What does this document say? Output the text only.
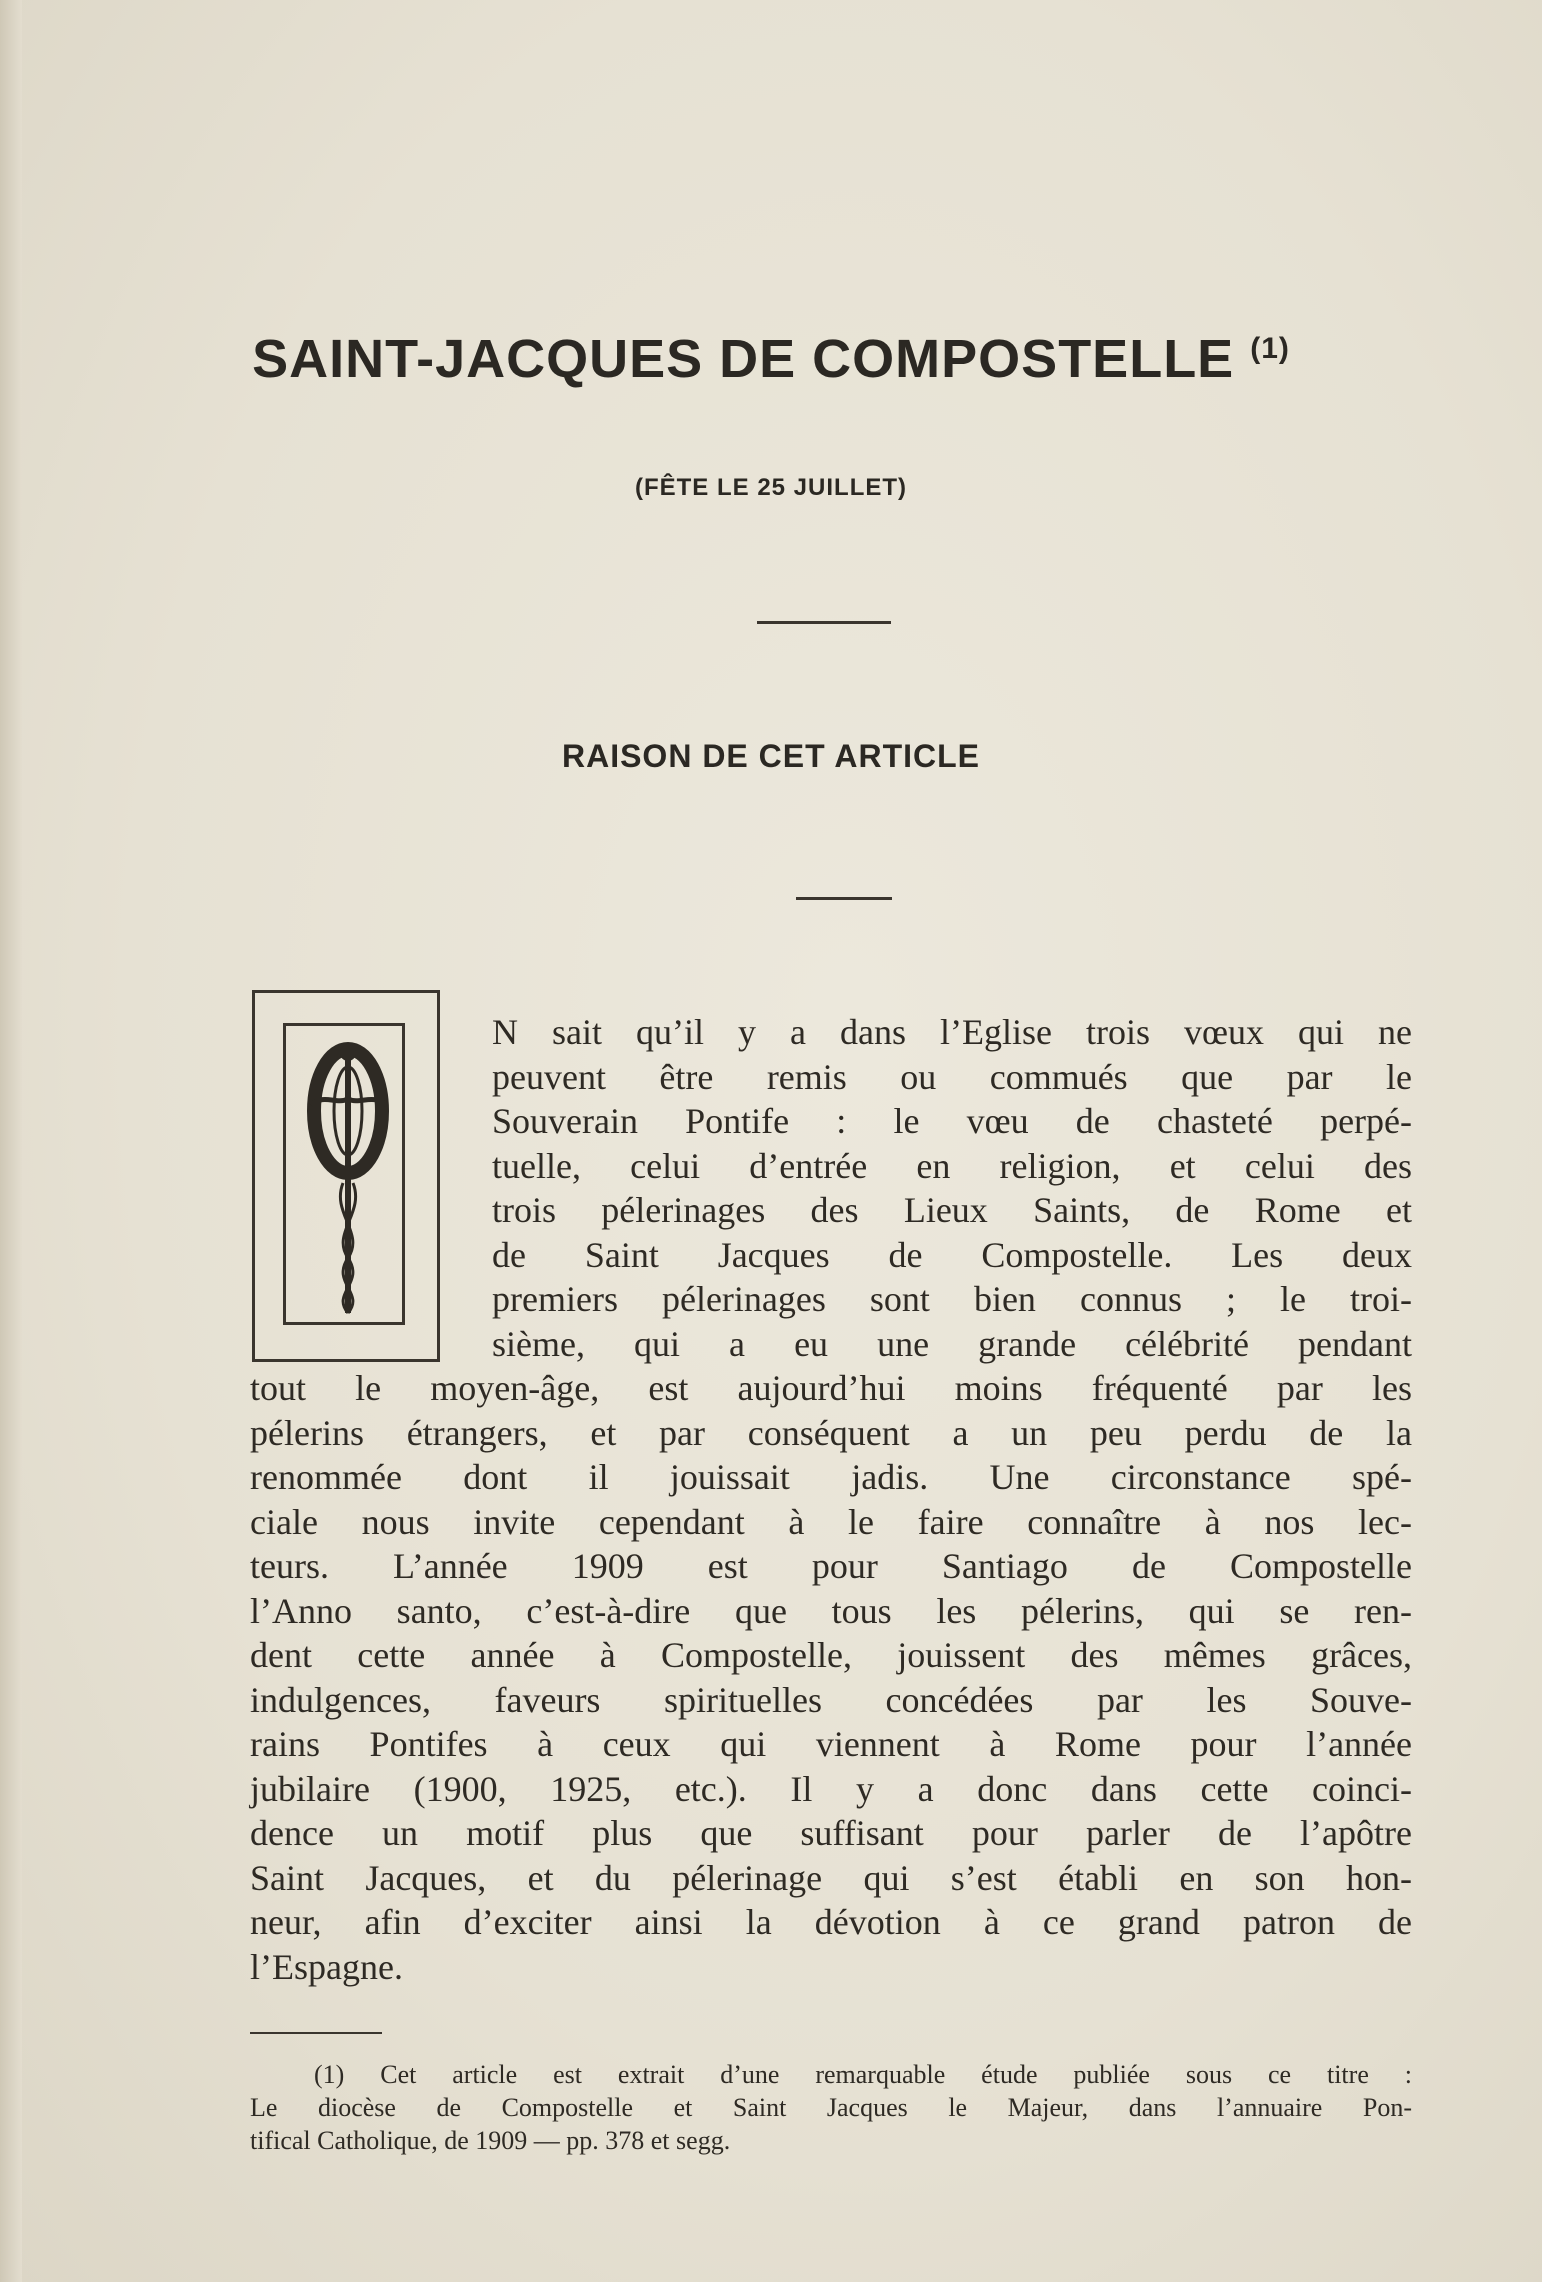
SAINT-JACQUES DE COMPOSTELLE $^{(1)}$
(FÊTE LE 25 JUILLET)
RAISON DE CET ARTICLE
N sait qu’il y a dans l’Eglise trois vœux qui ne
peuvent être remis ou commués que par le
Souverain Pontife : le vœu de chasteté perpé-
tuelle, celui d’entrée en religion, et celui des
trois pélerinages des Lieux Saints, de Rome et
de Saint Jacques de Compostelle. Les deux
premiers pélerinages sont bien connus ; le troi-
sième, qui a eu une grande célébrité pendant
tout le moyen-âge, est aujourd’hui moins fréquenté par les
pélerins étrangers, et par conséquent a un peu perdu de la
renommée dont il jouissait jadis. Une circonstance spé-
ciale nous invite cependant à le faire connaître à nos lec-
teurs. L’année 1909 est pour Santiago de Compostelle
l’Anno santo, c’est-à-dire que tous les pélerins, qui se ren-
dent cette année à Compostelle, jouissent des mêmes grâces,
indulgences, faveurs spirituelles concédées par les Souve-
rains Pontifes à ceux qui viennent à Rome pour l’année
jubilaire (1900, 1925, etc.). Il y a donc dans cette coinci-
dence un motif plus que suffisant pour parler de l’apôtre
Saint Jacques, et du pélerinage qui s’est établi en son hon-
neur, afin d’exciter ainsi la dévotion à ce grand patron de
l’Espagne.
(1) Cet article est extrait d’une remarquable étude publiée sous ce titre :
Le diocèse de Compostelle et Saint Jacques le Majeur, dans l’annuaire Pon-
tifical Catholique, de 1909 — pp. 378 et segg.
